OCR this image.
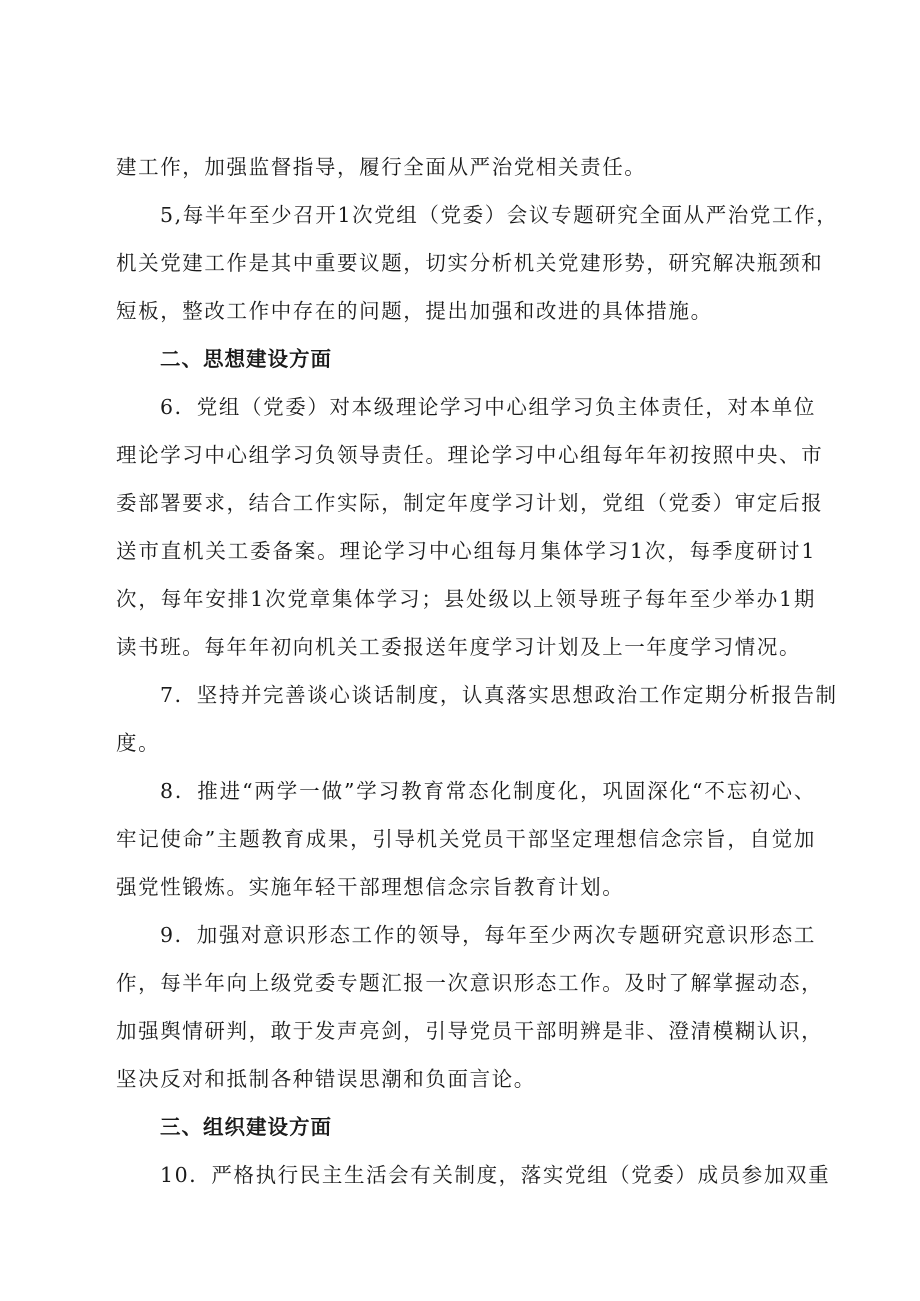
建工作，加强监督指导，履行全面从严治党相关责任。
5,每半年至少召开1次党组（党委）会议专题研究全面从严治党工作，
机关党建工作是其中重要议题，切实分析机关党建形势，研究解决瓶颈和
短板，整改工作中存在的问题，提出加强和改进的具体措施。
二、思想建设方面
6．党组（党委）对本级理论学习中心组学习负主体责任，对本单位
理论学习中心组学习负领导责任。理论学习中心组每年年初按照中央、市
委部署要求，结合工作实际，制定年度学习计划，党组（党委）审定后报
送市直机关工委备案。理论学习中心组每月集体学习1次，每季度研讨1
次，每年安排1次党章集体学习；县处级以上领导班子每年至少举办1期
读书班。每年年初向机关工委报送年度学习计划及上一年度学习情况。
7．坚持并完善谈心谈话制度，认真落实思想政治工作定期分析报告制
度。
8．推进“两学一做”学习教育常态化制度化，巩固深化“不忘初心、
牢记使命”主题教育成果，引导机关党员干部坚定理想信念宗旨，自觉加
强党性锻炼。实施年轻干部理想信念宗旨教育计划。
9．加强对意识形态工作的领导，每年至少两次专题研究意识形态工
作，每半年向上级党委专题汇报一次意识形态工作。及时了解掌握动态，
加强舆情研判，敢于发声亮剑，引导党员干部明辨是非、澄清模糊认识，
坚决反对和抵制各种错误思潮和负面言论。
三、组织建设方面
10．严格执行民主生活会有关制度，落实党组（党委）成员参加双重
